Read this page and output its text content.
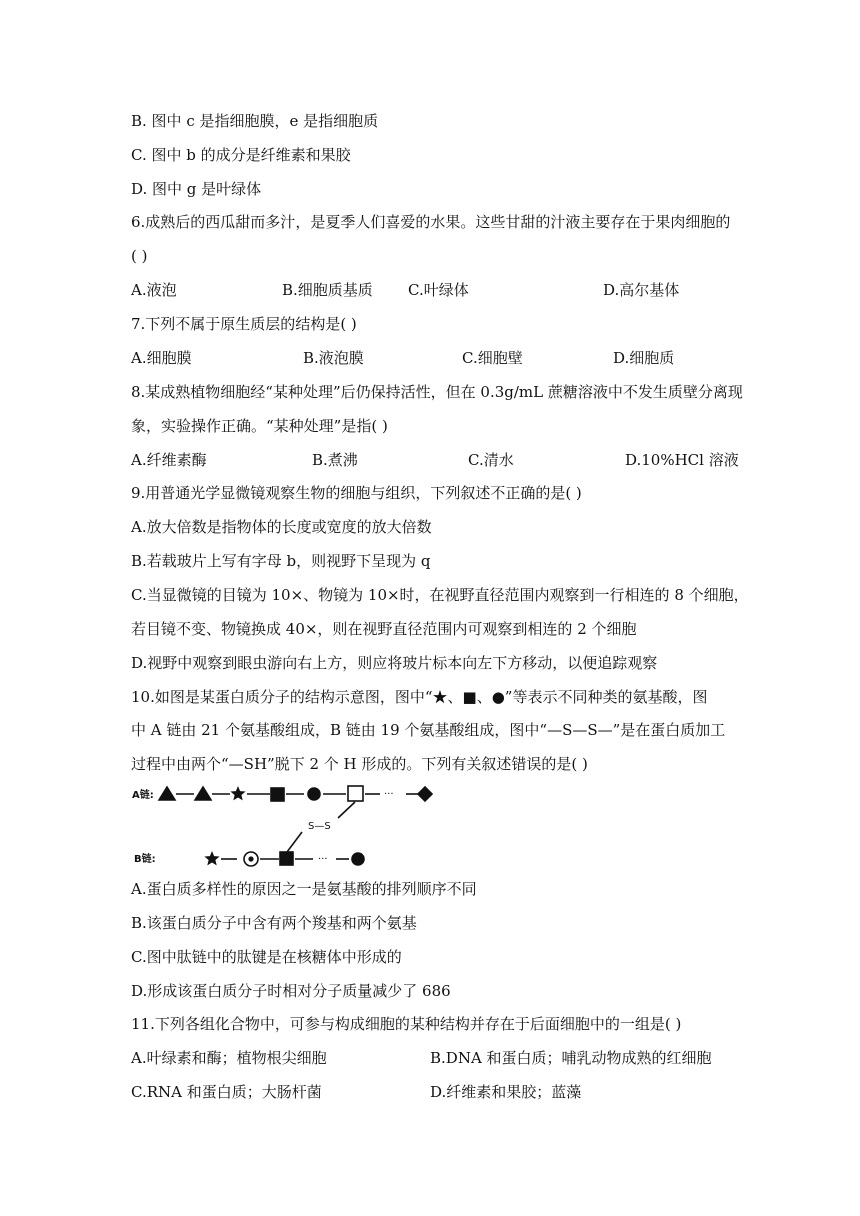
B. 图中 c 是指细胞膜，e 是指细胞质
C. 图中 b 的成分是纤维素和果胶
D. 图中 g 是叶绿体
6.成熟后的西瓜甜而多汁，是夏季人们喜爱的水果。这些甘甜的汁液主要存在于果肉细胞的
( )
A.液泡	B.细胞质基质 C.叶绿体	D.高尔基体
7.下列不属于原生质层的结构是( )
A.细胞膜	B.液泡膜	C.细胞壁	D.细胞质
8.某成熟植物细胞经“某种处理”后仍保持活性，但在 0.3g/mL 蔗糖溶液中不发生质壁分离现
象，实验操作正确。“某种处理”是指( )
A.纤维素酶	B.煮沸	C.清水	D.10%HCl 溶液
9.用普通光学显微镜观察生物的细胞与组织，下列叙述不正确的是( )
A.放大倍数是指物体的长度或宽度的放大倍数
B.若载玻片上写有字母 b，则视野下呈现为 q
C.当显微镜的目镜为 10×、物镜为 10×时，在视野直径范围内观察到一行相连的 8 个细胞，
若目镜不变、物镜换成 40×，则在视野直径范围内可观察到相连的 2 个细胞
D.视野中观察到眼虫游向右上方，则应将玻片标本向左下方移动，以便追踪观察
10.如图是某蛋白质分子的结构示意图，图中“★、■、●”等表示不同种类的氨基酸，图
中 A 链由 21 个氨基酸组成，B 链由 19 个氨基酸组成，图中“—S—S—”是在蛋白质加工
过程中由两个“—SH”脱下 2 个 H 形成的。下列有关叙述错误的是( )
A链:	···
S—S
B链:	···
A.蛋白质多样性的原因之一是氨基酸的排列顺序不同
B.该蛋白质分子中含有两个羧基和两个氨基
C.图中肽链中的肽键是在核糖体中形成的
D.形成该蛋白质分子时相对分子质量减少了 686
11.下列各组化合物中，可参与构成细胞的某种结构并存在于后面细胞中的一组是( )
A.叶绿素和酶；植物根尖细胞	B.DNA 和蛋白质；哺乳动物成熟的红细胞
C.RNA 和蛋白质；大肠杆菌	D.纤维素和果胶；蓝藻
